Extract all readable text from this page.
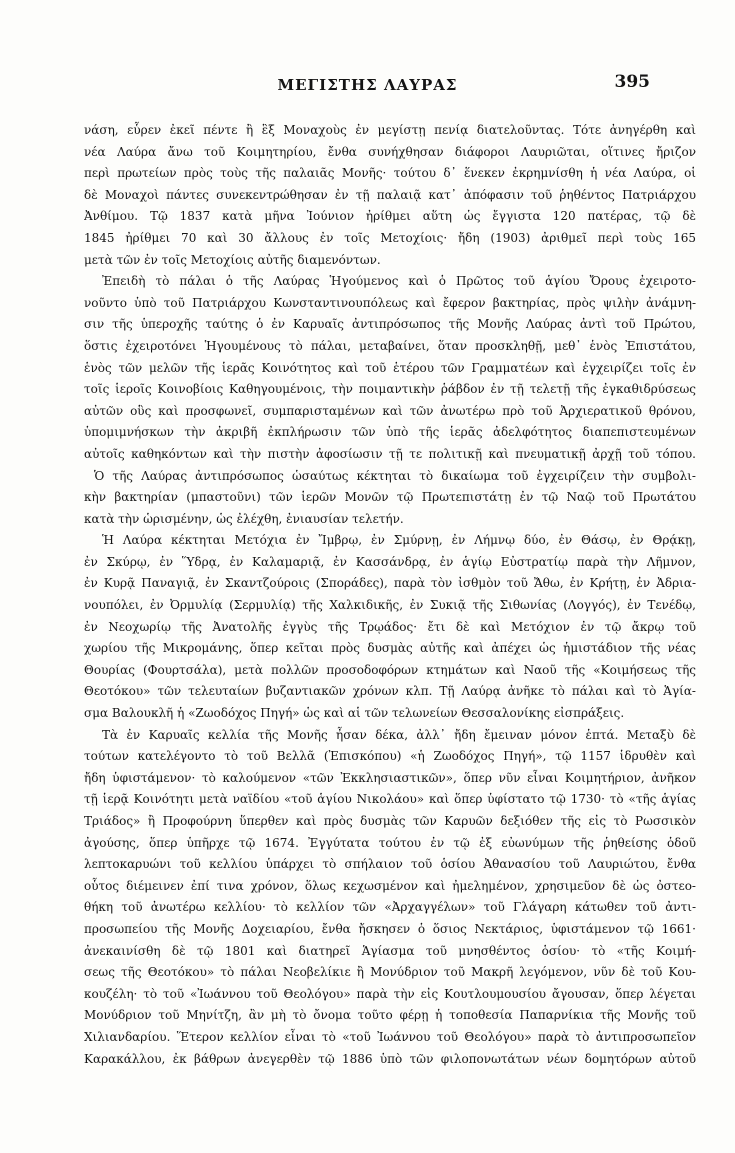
ΜΕΓΙΣΤΗΣ ΛΑΥΡΑΣ	395
νάση, εὗρεν ἐκεῖ πέντε ἢ ἓξ Μοναχοὺς ἐν μεγίστῃ πενίᾳ διατελοῦντας. Τότε ἀνηγέρθη καὶ
νέα Λαύρα ἄνω τοῦ Κοιμητηρίου, ἔνθα συνήχθησαν διάφοροι Λαυριῶται, οἵτινες ἤριζον
περὶ πρωτείων πρὸς τοὺς τῆς παλαιᾶς Μονῆς· τούτου δ᾽ ἕνεκεν ἐκρημνίσθη ἡ νέα Λαύρα, οἱ
δὲ Μοναχοὶ πάντες συνεκεντρώθησαν ἐν τῇ παλαιᾷ κατ᾽ ἀπόφασιν τοῦ ῥηθέντος Πατριάρχου
Ἀνθίμου. Τῷ 1837 κατὰ μῆνα Ἰούνιον ἠρίθμει αὕτη ὡς ἔγγιστα 120 πατέρας, τῷ δὲ
1845 ἠρίθμει 70 καὶ 30 ἄλλους ἐν τοῖς Μετοχίοις· ἤδη (1903) ἀριθμεῖ περὶ τοὺς 165
μετὰ τῶν ἐν τοῖς Μετοχίοις αὐτῆς διαμενόντων.
Ἐπειδὴ τὸ πάλαι ὁ τῆς Λαύρας Ἡγούμενος καὶ ὁ Πρῶτος τοῦ ἁγίου Ὄρους ἐχειροτο-
νοῦντο ὑπὸ τοῦ Πατριάρχου Κωνσταντινουπόλεως καὶ ἔφερον βακτηρίας, πρὸς ψιλὴν ἀνάμνη-
σιν τῆς ὑπεροχῆς ταύτης ὁ ἐν Καρυαῖς ἀντιπρόσωπος τῆς Μονῆς Λαύρας ἀντὶ τοῦ Πρώτου,
ὅστις ἐχειροτόνει Ἡγουμένους τὸ πάλαι, μεταβαίνει, ὅταν προσκληθῇ, μεθ᾽ ἑνὸς Ἐπιστάτου,
ἑνὸς τῶν μελῶν τῆς ἱερᾶς Κοινότητος καὶ τοῦ ἑτέρου τῶν Γραμματέων καὶ ἐγχειρίζει τοῖς ἐν
τοῖς ἱεροῖς Κοινοβίοις Καθηγουμένοις, τὴν ποιμαντικὴν ῥάβδον ἐν τῇ τελετῇ τῆς ἐγκαθιδρύσεως
αὐτῶν οὓς καὶ προσφωνεῖ, συμπαρισταμένων καὶ τῶν ἀνωτέρω πρὸ τοῦ Ἀρχιερατικοῦ θρόνου,
ὑπομιμνήσκων τὴν ἀκριβῆ ἐκπλήρωσιν τῶν ὑπὸ τῆς ἱερᾶς ἀδελφότητος διαπεπιστευμένων
αὐτοῖς καθηκόντων καὶ τὴν πιστὴν ἀφοσίωσιν τῇ τε πολιτικῇ καὶ πνευματικῇ ἀρχῇ τοῦ τόπου.
Ὁ τῆς Λαύρας ἀντιπρόσωπος ὡσαύτως κέκτηται τὸ δικαίωμα τοῦ ἐγχειρίζειν τὴν συμβολι-
κὴν βακτηρίαν (μπαστοῦνι) τῶν ἱερῶν Μονῶν τῷ Πρωτεπιστάτῃ ἐν τῷ Ναῷ τοῦ Πρωτάτου
κατὰ τὴν ὡρισμένην, ὡς ἐλέχθη, ἐνιαυσίαν τελετήν.
Ἡ Λαύρα κέκτηται Μετόχια ἐν Ἴμβρῳ, ἐν Σμύρνῃ, ἐν Λήμνῳ δύο, ἐν Θάσῳ, ἐν Θρᾴκῃ,
ἐν Σκύρῳ, ἐν Ὕδρᾳ, ἐν Καλαμαριᾷ, ἐν Κασσάνδρᾳ, ἐν ἁγίῳ Εὐστρατίῳ παρὰ τὴν Λῆμνον,
ἐν Κυρᾷ Παναγιᾷ, ἐν Σκαντζούροις (Σποράδες), παρὰ τὸν ἰσθμὸν τοῦ Ἄθω, ἐν Κρήτῃ, ἐν Ἀδρια-
νουπόλει, ἐν Ὀρμυλίᾳ (Σερμυλίᾳ) τῆς Χαλκιδικῆς, ἐν Συκιᾷ τῆς Σιθωνίας (Λογγός), ἐν Τενέδῳ,
ἐν Νεοχωρίῳ τῆς Ἀνατολῆς ἐγγὺς τῆς Τρῳάδος· ἔτι δὲ καὶ Μετόχιον ἐν τῷ ἄκρῳ τοῦ
χωρίου τῆς Μικρομάνης, ὅπερ κεῖται πρὸς δυσμὰς αὐτῆς καὶ ἀπέχει ὡς ἡμιστάδιον τῆς νέας
Θουρίας (Φουρτσάλα), μετὰ πολλῶν προσοδοφόρων κτημάτων καὶ Ναοῦ τῆς «Κοιμήσεως τῆς
Θεοτόκου» τῶν τελευταίων βυζαντιακῶν χρόνων κλπ. Τῇ Λαύρᾳ ἀνῆκε τὸ πάλαι καὶ τὸ Ἁγία-
σμα Βαλουκλῆ ἡ «Ζωοδόχος Πηγή» ὡς καὶ αἱ τῶν τελωνείων Θεσσαλονίκης εἰσπράξεις.
Τὰ ἐν Καρυαῖς κελλία τῆς Μονῆς ἦσαν δέκα, ἀλλ᾽ ἤδη ἔμειναν μόνον ἑπτά. Μεταξὺ δὲ
τούτων κατελέγοντο τὸ τοῦ Βελλᾶ (Ἐπισκόπου) «ἡ Ζωοδόχος Πηγή», τῷ 1157 ἱδρυθὲν καὶ
ἤδη ὑφιστάμενον· τὸ καλούμενον «τῶν Ἐκκλησιαστικῶν», ὅπερ νῦν εἶναι Κοιμητήριον, ἀνῆκον
τῇ ἱερᾷ Κοινότητι μετὰ ναϊδίου «τοῦ ἁγίου Νικολάου» καὶ ὅπερ ὑφίστατο τῷ 1730· τὸ «τῆς ἁγίας
Τριάδος» ἢ Προφούρνη ὕπερθεν καὶ πρὸς δυσμὰς τῶν Καρυῶν δεξιόθεν τῆς εἰς τὸ Ρωσσικὸν
ἀγούσης, ὅπερ ὑπῆρχε τῷ 1674. Ἐγγύτατα τούτου ἐν τῷ ἐξ εὐωνύμων τῆς ῥηθείσης ὁδοῦ
λεπτοκαρυώνι τοῦ κελλίου ὑπάρχει τὸ σπήλαιον τοῦ ὁσίου Ἀθανασίου τοῦ Λαυριώτου, ἔνθα
οὗτος διέμεινεν ἐπί τινα χρόνον, ὅλως κεχωσμένον καὶ ἠμελημένον, χρησιμεῦον δὲ ὡς ὀστεο-
θήκη τοῦ ἀνωτέρω κελλίου· τὸ κελλίον τῶν «Ἀρχαγγέλων» τοῦ Γλάγαρη κάτωθεν τοῦ ἀντι-
προσωπείου τῆς Μονῆς Δοχειαρίου, ἔνθα ἤσκησεν ὁ ὅσιος Νεκτάριος, ὑφιστάμενον τῷ 1661·
ἀνεκαινίσθη δὲ τῷ 1801 καὶ διατηρεῖ Ἁγίασμα τοῦ μνησθέντος ὁσίου· τὸ «τῆς Κοιμή-
σεως τῆς Θεοτόκου» τὸ πάλαι Νεοβελίκιε ἢ Μονύδριον τοῦ Μακρῆ λεγόμενον, νῦν δὲ τοῦ Κου-
κουζέλη· τὸ τοῦ «Ἰωάννου τοῦ Θεολόγου» παρὰ τὴν εἰς Κουτλουμουσίου ἄγουσαν, ὅπερ λέγεται
Μονύδριον τοῦ Μηνίτζη, ἂν μὴ τὸ ὄνομα τοῦτο φέρῃ ἡ τοποθεσία Παπαρνίκια τῆς Μονῆς τοῦ
Χιλιανδαρίου. Ἕτερον κελλίον εἶναι τὸ «τοῦ Ἰωάννου τοῦ Θεολόγου» παρὰ τὸ ἀντιπροσωπεῖον
Καρακάλλου, ἐκ βάθρων ἀνεγερθὲν τῷ 1886 ὑπὸ τῶν φιλοπονωτάτων νέων δομητόρων αὐτοῦ
